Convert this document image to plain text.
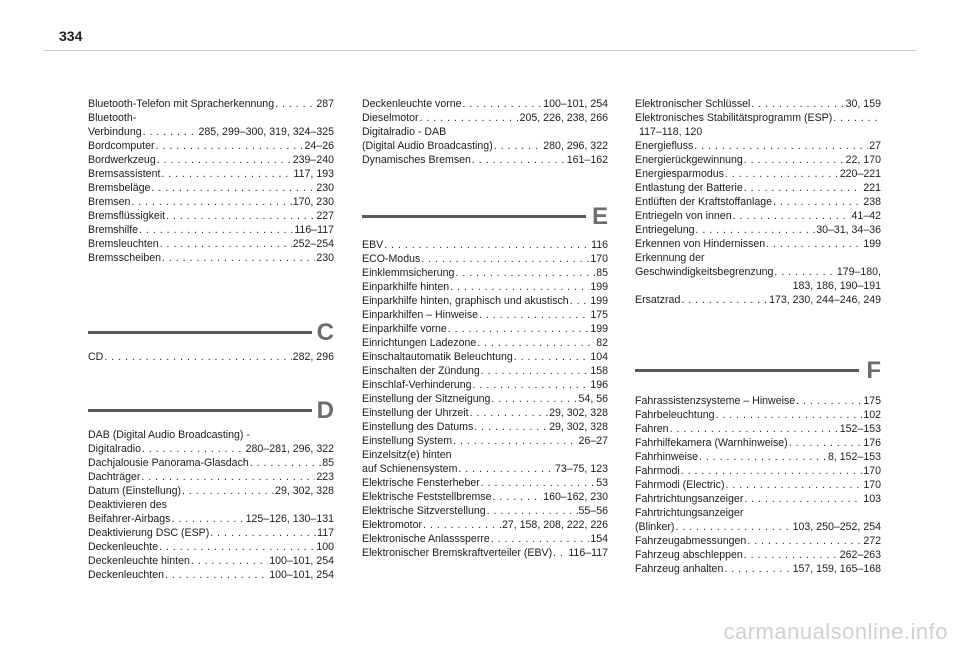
334
Bluetooth-Telefon mit Spracherkennung . . .	287
Bluetooth-
Verbindung . . .	285, 299–300, 319, 324–325
Bordcomputer . . .	24–26
Bordwerkzeug . . .	239–240
Bremsassistent . . .	117, 193
Bremsbeläge . . .	230
Bremsen . . .	170, 230
Bremsflüssigkeit . . .	227
Bremshilfe . . .	116–117
Bremsleuchten . . .	252–254
Bremsscheiben . . .	230
C
CD . . .	282, 296
D
DAB (Digital Audio Broadcasting) -
Digitalradio . . .	280–281, 296, 322
Dachjalousie Panorama-Glasdach . . .	85
Dachträger . . .	223
Datum (Einstellung) . . .	29, 302, 328
Deaktivieren des
Beifahrer-Airbags . . .	125–126, 130–131
Deaktivierung DSC (ESP) . . .	117
Deckenleuchte . . .	100
Deckenleuchte hinten . . .	100–101, 254
Deckenleuchten . . .	100–101, 254
Deckenleuchte vorne . . .	100–101, 254
Dieselmotor . . .	205, 226, 238, 266
Digitalradio - DAB
(Digital Audio Broadcasting) . . .	280, 296, 322
Dynamisches Bremsen . . .	161–162
E
EBV . . .	116
ECO-Modus . . .	170
Einklemmsicherung . . .	85
Einparkhilfe hinten . . .	199
Einparkhilfe hinten, graphisch und akustisch . . . 199
Einparkhilfen – Hinweise . . .	175
Einparkhilfe vorne . . .	199
Einrichtungen Ladezone . . .	82
Einschaltautomatik Beleuchtung . . .	104
Einschalten der Zündung . . .	158
Einschlaf-Verhinderung . . .	196
Einstellung der Sitzneigung . . .	54, 56
Einstellung der Uhrzeit . . .	29, 302, 328
Einstellung des Datums . . .	29, 302, 328
Einstellung System . . .	26–27
Einzelsitz(e) hinten
auf Schienensystem . . .	73–75, 123
Elektrische Fensterheber . . .	53
Elektrische Feststellbremse . . .	160–162, 230
Elektrische Sitzverstellung . . .	55–56
Elektromotor . . .	27, 158, 208, 222, 226
Elektronische Anlasssperre . . .	154
Elektronischer Bremskraftverteiler (EBV) . . . 116–117
Elektronischer Schlüssel . . .	30, 159
Elektronisches Stabilitätsprogramm (ESP)
. . .
117–118, 120
Energiefluss . . .	27
Energierückgewinnung . . .	22, 170
Energiesparmodus . . .	220–221
Entlastung der Batterie . . .	221
Entlüften der Kraftstoffanlage . . .	238
Entriegeln von innen . . .	41–42
Entriegelung . . .	30–31, 34–36
Erkennen von Hindernissen . . .	199
Erkennung der
Geschwindigkeitsbegrenzung . . .	179–180,
183, 186, 190–191
Ersatzrad . . .	173, 230, 244–246, 249
F
Fahrassistenzsysteme – Hinweise . . .	175
Fahrbeleuchtung . . .	102
Fahren . . .	152–153
Fahrhilfekamera (Warnhinweise) . . .	176
Fahrhinweise . . .	8, 152–153
Fahrmodi . . .	170
Fahrmodi (Electric) . . .	170
Fahrtrichtungsanzeiger . . .	103
Fahrtrichtungsanzeiger
(Blinker) . . .	103, 250–252, 254
Fahrzeugabmessungen . . .	272
Fahrzeug abschleppen . . .	262–263
Fahrzeug anhalten . . .	157, 159, 165–168
carmanualsonline.info
